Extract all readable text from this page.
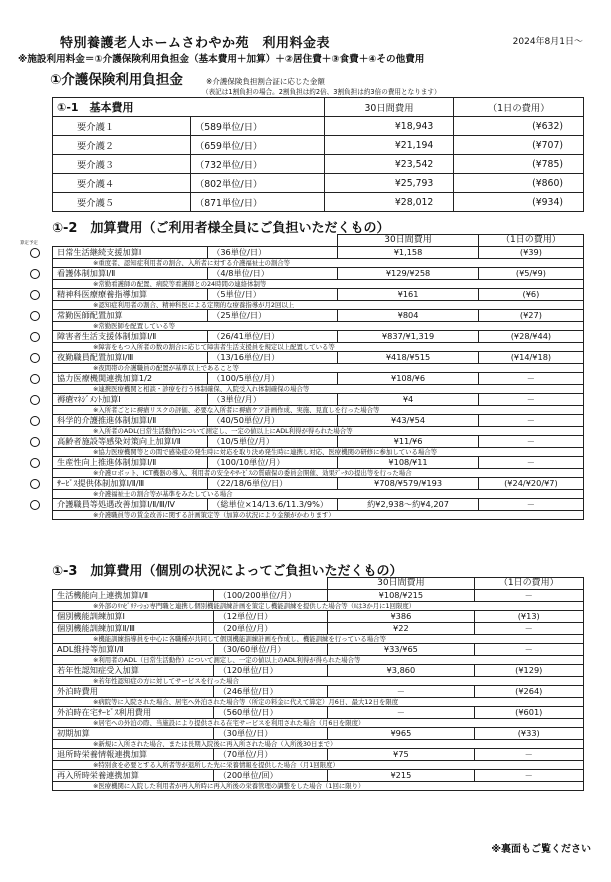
特別養護老人ホームさわやか苑　利用料金表	2024年8月1日～
※施設利用料金＝①介護保険利用負担金（基本費用＋加算）＋②居住費＋③食費＋④その他費用
①介護保険利用負担金	※介護保険負担割合証に応じた金額
（表記は1割負担の場合。2割負担は約2倍、3割負担は約3倍の費用となります）
①-1　基本費用		30日間費用	（1日の費用）
要介護１	（589単位/日）	¥18,943	(¥632)
要介護２	（659単位/日）	¥21,194	(¥707)
要介護３	（732単位/日）	¥23,542	(¥785)
要介護４	（802単位/日）	¥25,793	(¥860)
要介護５	（871単位/日）	¥28,012	(¥934)
①-2　加算費用（ご利用者様全員にご負担いただくもの）
算定予定
			30日間費用	（1日の費用）
日常生活継続支援加算Ⅰ	（36単位/日）	¥1,158	(¥39)
※重度者、認知症利用者の割合、入所者に対する介護福祉士の割合等			
看護体制加算Ⅰ/Ⅱ	（4/8単位/日）	¥129/¥258	(¥5/¥9)
※常勤看護師の配置、病院等看護師との24時間の連絡体制等			
精神科医療療養指導加算	（5単位/日）	¥161	(¥6)
※認知症利用者の割合、精神科医による定期的な療養指導が月2回以上			
常勤医師配置加算	（25単位/日）	¥804	(¥27)
※常勤医師を配置している等			
障害者生活支援体制加算Ⅰ/Ⅱ	（26/41単位/日）	¥837/¥1,319	(¥28/¥44)
※障害をもつ入所者の数の割合に応じて障害者生活支援員を規定以上配置している等			
夜勤職員配置加算Ⅰ/Ⅲ	（13/16単位/日）	¥418/¥515	(¥14/¥18)
※夜間帯の介護職員の配置が基準以上であること等			
協力医療機関連携加算1/2	（100/5単位/月）	¥108/¥6	－
※連携医療機関と相談・診療を行う体制確保、入院受入れ体制確保の場合等			
褥瘡ﾏﾈｼﾞﾒﾝﾄ加算Ⅰ	（3単位/月）	¥4	－
※入所者ごとに褥瘡リスクの評価、必要な入所者に褥瘡ケア計画作成、実施、見直しを行った場合等			
科学的介護推進体制加算Ⅰ/Ⅱ	（40/50単位/月）	¥43/¥54	－
※入所者のADL(日常生活動作)について測定し、一定の値以上にADL利得が得られた場合等			
高齢者施設等感染対策向上加算Ⅰ/Ⅱ	（10/5単位/月）	¥11/¥6	－
※協力医療機関等との間で感染症の発生時に対応を取り決め発生時に連携し対応、医療機関の研修に参加している場合等			
生産性向上推進体制加算Ⅰ/Ⅱ	（100/10単位/月）	¥108/¥11	－
※介護ロボット、ICT機器の導入、利用者の安全やｻｰﾋﾞｽの質確保の委員会開催、効果ﾃﾞｰﾀの提出等を行った場合			
ｻｰﾋﾞｽ提供体制加算Ⅰ/Ⅱ/Ⅲ	（22/18/6単位/日）	¥708/¥579/¥193	(¥24/¥20/¥7)
※介護福祉士の割合等が基準をみたしている場合			
介護職員等処遇改善加算Ⅰ/Ⅱ/Ⅲ/Ⅳ	（総単位×14/13.6/11.3/9%）	約¥2,938～約¥4,207	－
※介護職員等の賃金改善に関する計画策定等（加算の状況により金額がかわります）			
①-3　加算費用（個別の状況によってご負担いただくもの）
		30日間費用	（1日の費用）
生活機能向上連携加算Ⅰ/Ⅱ	（100/200単位/月）	¥108/¥215	－
※外部のﾘﾊﾋﾞﾘﾃｰｼｮﾝ専門職と連携し個別機能訓練計画を策定し機能訓練を提供した場合等（Ⅰは3か月に1回限度）			
個別機能訓練加算Ⅰ	（12単位/日）	¥386	(¥13)
個別機能訓練加算Ⅱ/Ⅲ	（20単位/月）	¥22	－
※機能訓練指導員を中心に各職種が共同して個別機能訓練計画を作成し、機能訓練を行っている場合等			
ADL維持等加算Ⅰ/Ⅱ	（30/60単位/月）	¥33/¥65	－
※利用者のADL（日常生活動作）について測定し、一定の値以上のADL利得が得られた場合等			
若年性認知症受入加算	（120単位/日）	¥3,860	(¥129)
※若年性認知症の方に対してサービスを行った場合			
外泊時費用	（246単位/日）	－	(¥264)
※病院等に入院された場合、居宅へ外泊された場合等（所定の料金に代えて算定）月6日、最大12日を限度			
外泊時在宅ｻｰﾋﾞｽ利用費用	（560単位/日）	－	(¥601)
※居宅への外泊の際、当施設により提供される在宅サービスを利用された場合（月6日を限度）			
初期加算	（30単位/日）	¥965	(¥33)
※新規に入所された場合、または長期入院後に再入所された場合（入所後30日まで）			
退所時栄養情報連携加算	（70単位/月）	¥75	－
※特別食を必要とする入所者等が退所した先に栄養情報を提供した場合（月1回限度）			
再入所時栄養連携加算	（200単位/回）	¥215	－
※医療機関に入院した利用者が再入所時に再入所後の栄養管理の調整をした場合（1回に限り）			
※裏面もご覧ください
